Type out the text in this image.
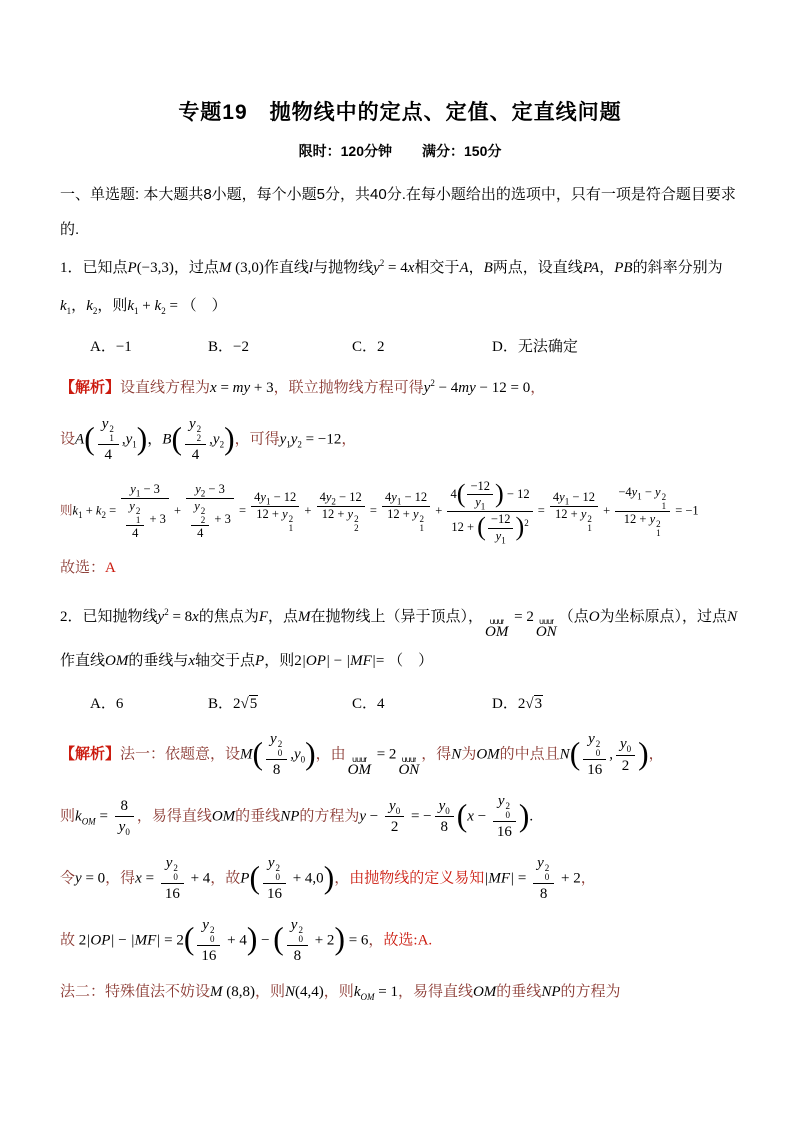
专题19　抛物线中的定点、定值、定直线问题
限时：120分钟 满分：150分

一、单选题: 本大题共8小题，每个小题5分，共40分.在每小题给出的选项中，只有一项是符合题目要求的.

1．已知点P(−3,3)，过点M (3,0)作直线l与抛物线$y^2 = 4x$相交于A，B两点，设直线PA，PB的斜率分别为$k_1$，$k_2$，则$k_1 + k_2$ = （　）

A．−1	B．−2	C．2	D．无法确定

【解析】设直线方程为x = my + 3，联立抛物线方程可得$y^2 - 4my - 12 = 0$，

设A( y 2
1
4 $,y_1$)，B( y 2
2
4 $,y_2$)，可得$y_1y_2 = -12$，

则$k_1 + k_2 = y_1 - 3$
y 2
1
$4 + 3 + y_2 - 3$
y 2
2
$4 + 3 = 4y_1 - 12$
12 + y 2
$1 + 4y_2 - 12$
12 + y 2
$2 = 4y_1 - 12$
12 + y 2
$1 + \frac{4( \frac{-12}{y_1} ) - 12}{12 + ( \frac{-12}{y_1} )^2} = 4y_1 - 12$
12 + y 2
$1 + -4y_1 - y$ 2
1
12 + y 2
1 = −1

故选：A

2．已知抛物线$y^2 = 8x$的焦点为F，点M在抛物线上（异于顶点）， uuur
OM
= 2 uuur
ON
（点O为坐标原点），过点N作直线OM的垂线与x轴交于点P，则2|OP| − |MF|= （　）

A．6	B．2√5	C．4	D．2√3

【解析】法一：依题意，设M( y 2
0
8 $,y_0$)，由 uuur
OM
= 2 uuur
ON
，得N为OM的中点且N( y 2
0
16 , $\frac{y_0}{2}$ )，

则$k_{OM} = \frac{8}{y_0}$ ，易得直线OM的垂线NP的方程为$y - \frac{y_0}{2}$ = − $\frac{y_0}{8} (x - y$ 2
0
16 ).

令y = 0，得x = y 2
0
16 + 4，故P( y 2
0
16 + 4,0)，由抛物线的定义易知|MF| = y 2
0
8 + 2，

故 2|OP| − |MF| = 2( y 2
0
16 + 4) − ( y 2
0
8 + 2) = 6，故选:A.

法二：特殊值法不妨设M (8,8)，则N(4,4)，则$k_{OM} = 1$，易得直线OM的垂线NP的方程为
